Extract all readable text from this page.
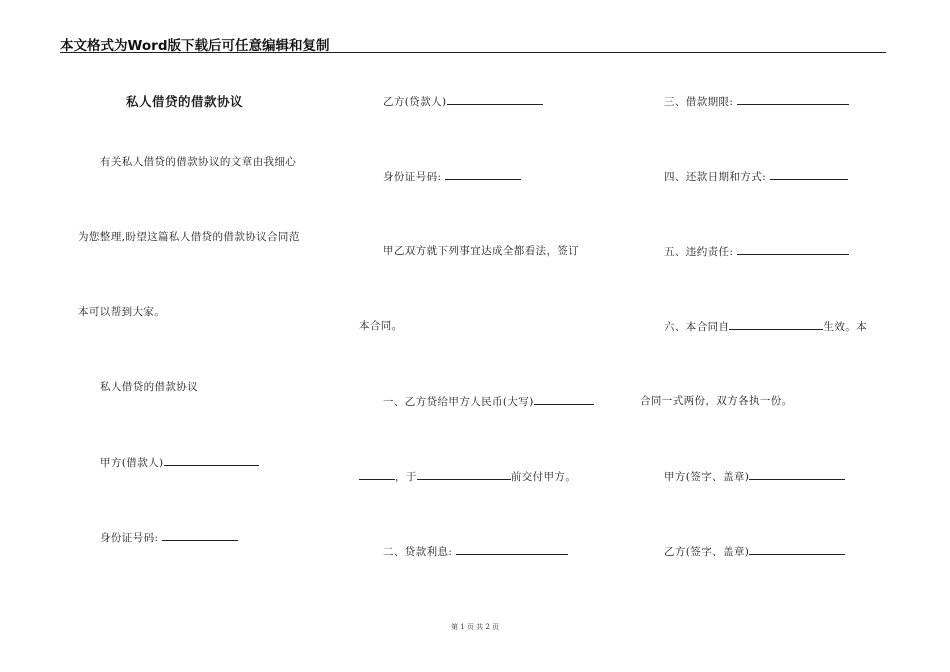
本文格式为Word版下载后可任意编辑和复制
私人借贷的借款协议
有关私人借贷的借款协议的文章由我细心
为您整理,盼望这篇私人借贷的借款协议合同范
本可以帮到大家。
私人借贷的借款协议
甲方(借款人)
身份证号码:
乙方(贷款人)
身份证号码:
甲乙双方就下列事宜达成全都看法，签订
本合同。
一、乙方贷给甲方人民币(大写)
，于	前交付甲方。
二、贷款利息:
三、借款期限:
四、还款日期和方式:
五、违约责任:
六、本合同自	生效。本
合同一式两份，双方各执一份。
甲方(签字、盖章)
乙方(签字、盖章)
第 1 页 共 2 页
